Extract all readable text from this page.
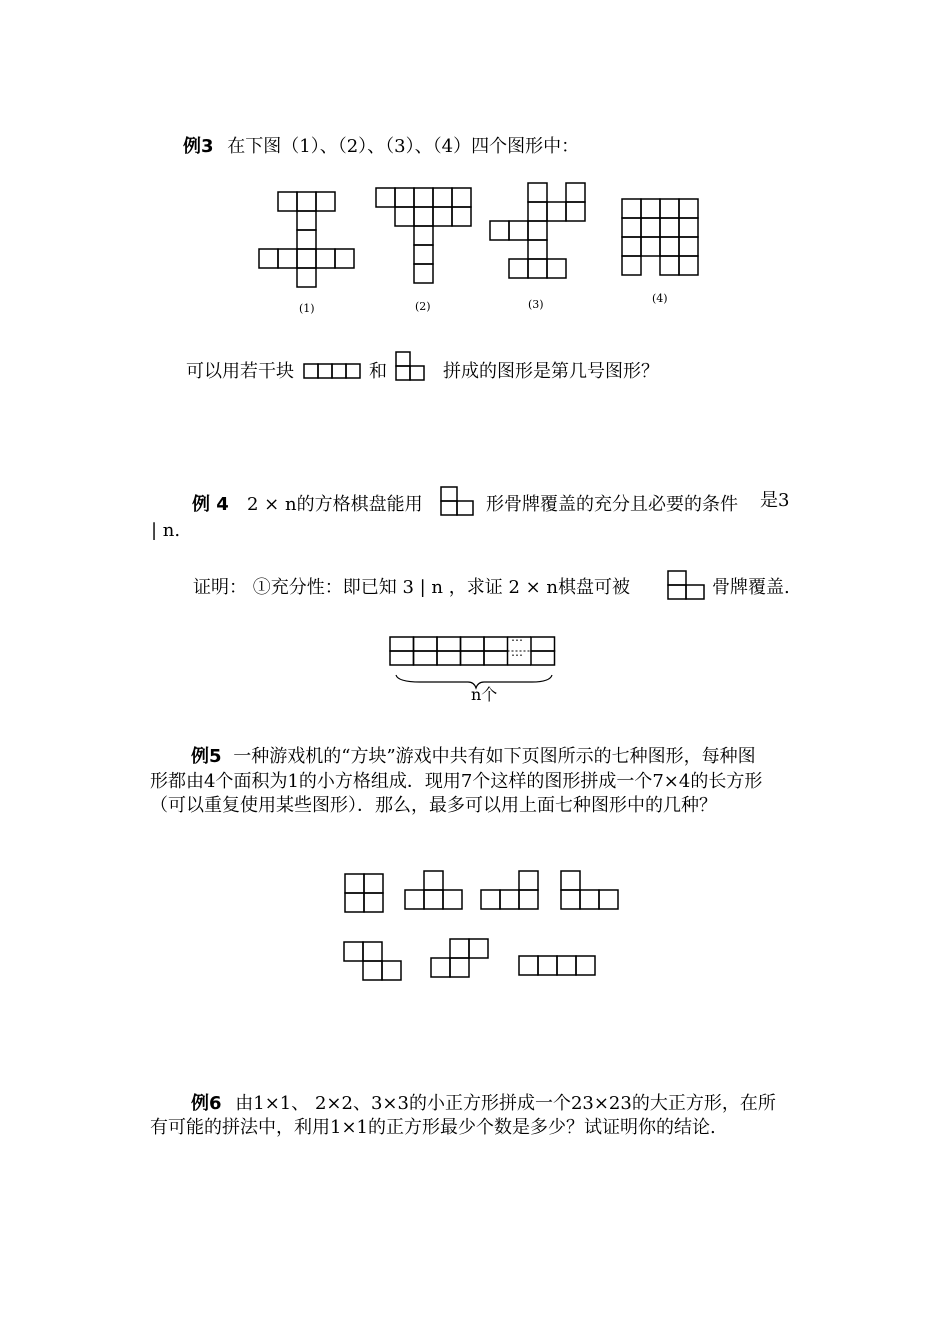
例3 在下图（1）、（2）、（3）、（4）四个图形中：
(1)	(2)	(3)	(4)
可以用若干块	和	拼成的图形是第几号图形？
例 4 2 × n的方格棋盘能用	形骨牌覆盖的充分且必要的条件 是3
| n.
证明： ①充分性：即已知 3 | n ，求证 2 × n棋盘可被	骨牌覆盖.
⋯
⋯
n个
例5 一种游戏机的“方块”游戏中共有如下页图所示的七种图形，每种图
形都由4个面积为1的小方格组成．现用7个这样的图形拼成一个7×4的长方形
（可以重复使用某些图形）．那么，最多可以用上面七种图形中的几种？
例6 由1×1、 2×2、3×3的小正方形拼成一个23×23的大正方形，在所
有可能的拼法中，利用1×1的正方形最少个数是多少？试证明你的结论.
